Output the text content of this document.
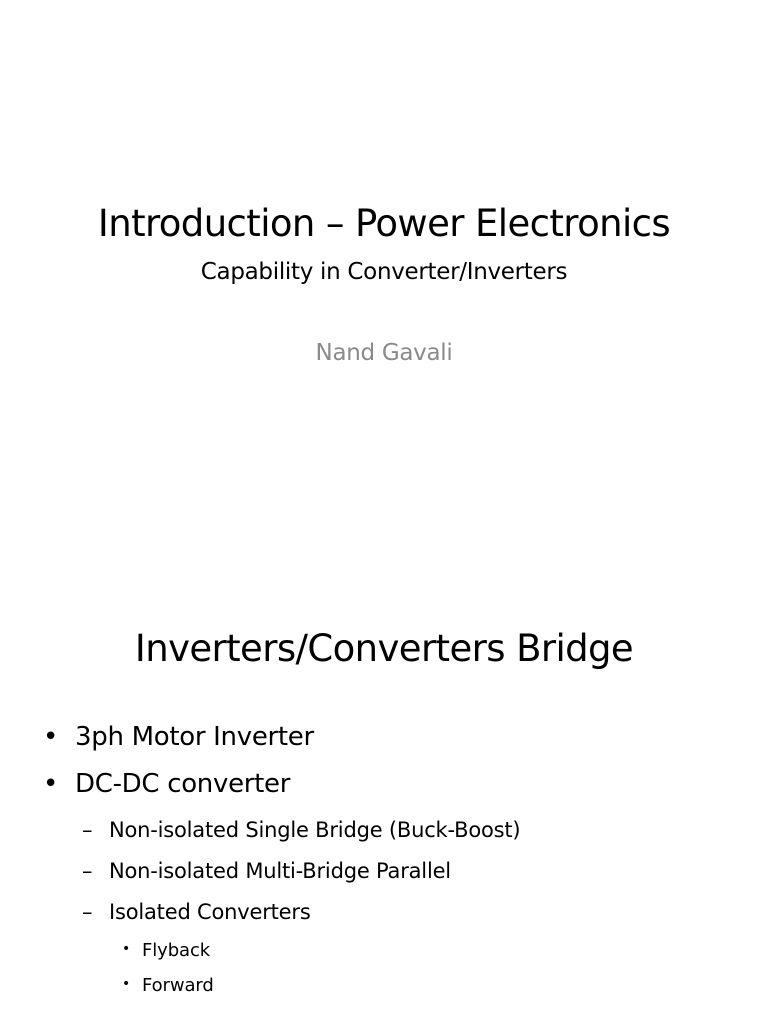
Introduction – Power Electronics
Capability in Converter/Inverters
Nand Gavali
Inverters/Converters Bridge
• 3ph Motor Inverter
• DC-DC converter
– Non-isolated Single Bridge (Buck-Boost)
– Non-isolated Multi-Bridge Parallel
– Isolated Converters
• Flyback
• Forward
